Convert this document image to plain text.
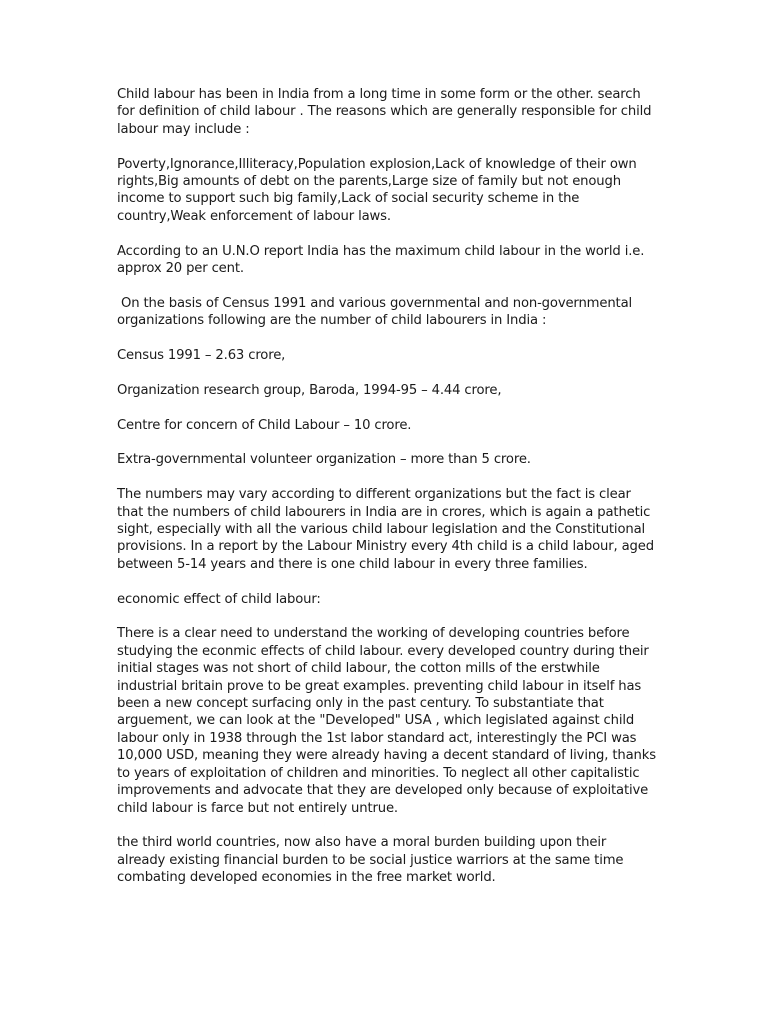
Child labour has been in India from a long time in some form or the other. search for definition of child labour . The reasons which are generally responsible for child labour may include :

Poverty,Ignorance,Illiteracy,Population explosion,Lack of knowledge of their own rights,Big amounts of debt on the parents,Large size of family but not enough income to support such big family,Lack of social security scheme in the country,Weak enforcement of labour laws.

According to an U.N.O report India has the maximum child labour in the world i.e. approx 20 per cent.

On the basis of Census 1991 and various governmental and non-governmental organizations following are the number of child labourers in India :

Census 1991 – 2.63 crore,

Organization research group, Baroda, 1994-95 – 4.44 crore,

Centre for concern of Child Labour – 10 crore.

Extra-governmental volunteer organization – more than 5 crore.

The numbers may vary according to different organizations but the fact is clear that the numbers of child labourers in India are in crores, which is again a pathetic sight, especially with all the various child labour legislation and the Constitutional provisions. In a report by the Labour Ministry every 4th child is a child labour, aged between 5-14 years and there is one child labour in every three families.

economic effect of child labour:

There is a clear need to understand the working of developing countries before studying the econmic effects of child labour. every developed country during their initial stages was not short of child labour, the cotton mills of the erstwhile industrial britain prove to be great examples. preventing child labour in itself has been a new concept surfacing only in the past century. To substantiate that arguement, we can look at the "Developed" USA , which legislated against child labour only in 1938 through the 1st labor standard act, interestingly the PCI was 10,000 USD, meaning they were already having a decent standard of living, thanks to years of exploitation of children and minorities. To neglect all other capitalistic improvements and advocate that they are developed only because of exploitative child labour is farce but not entirely untrue.

the third world countries, now also have a moral burden building upon their already existing financial burden to be social justice warriors at the same time combating developed economies in the free market world.
